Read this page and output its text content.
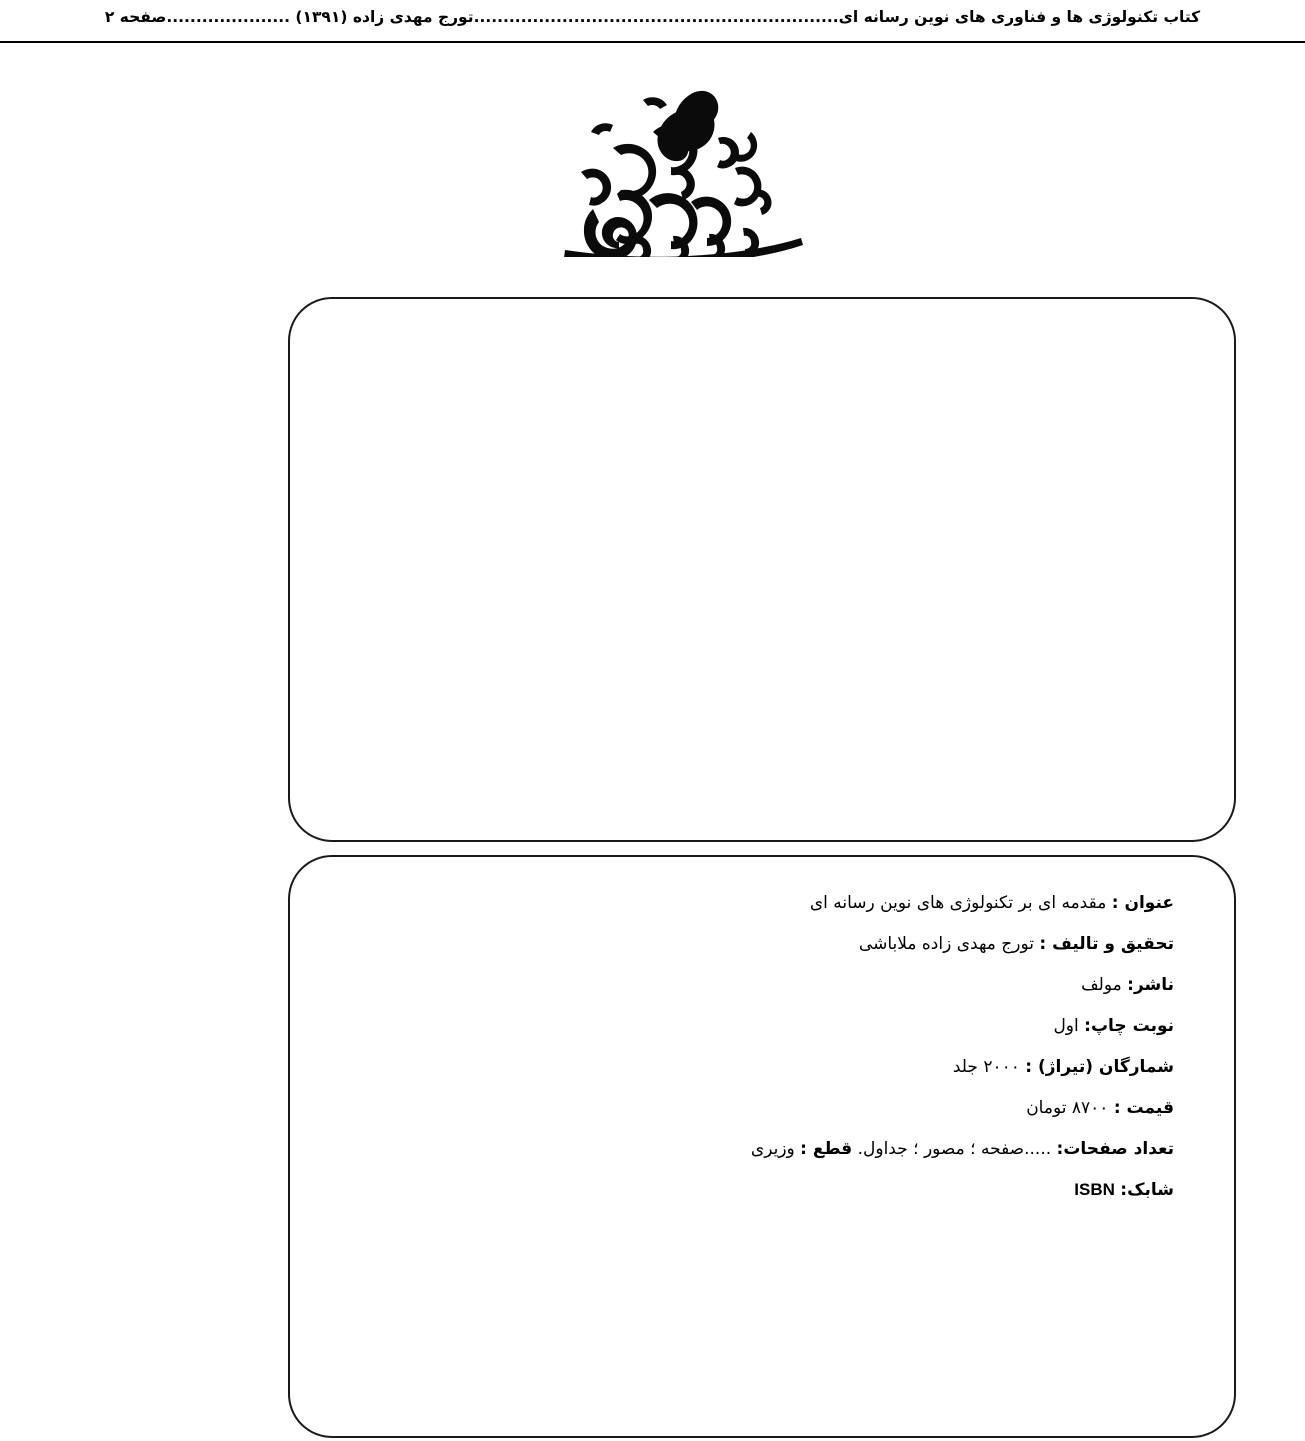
کتاب تکنولوژی ها و فناوری های نوین رسانه ای..............................................................تورج مهدی زاده (۱۳۹۱) .....................صفحه ۲
عنوان : مقدمه ای بر تکنولوژی های نوین رسانه ای
تحقیق و تالیف : تورج مهدی زاده ملاباشی
ناشر: مولف
نوبت چاپ: اول
شمارگان (تیراژ) : ۲۰۰۰ جلد
قیمت : ۸۷۰۰ تومان
تعداد صفحات: .....صفحه ؛ مصور ؛ جداول. قطع : وزیری
شابک: ISBN
